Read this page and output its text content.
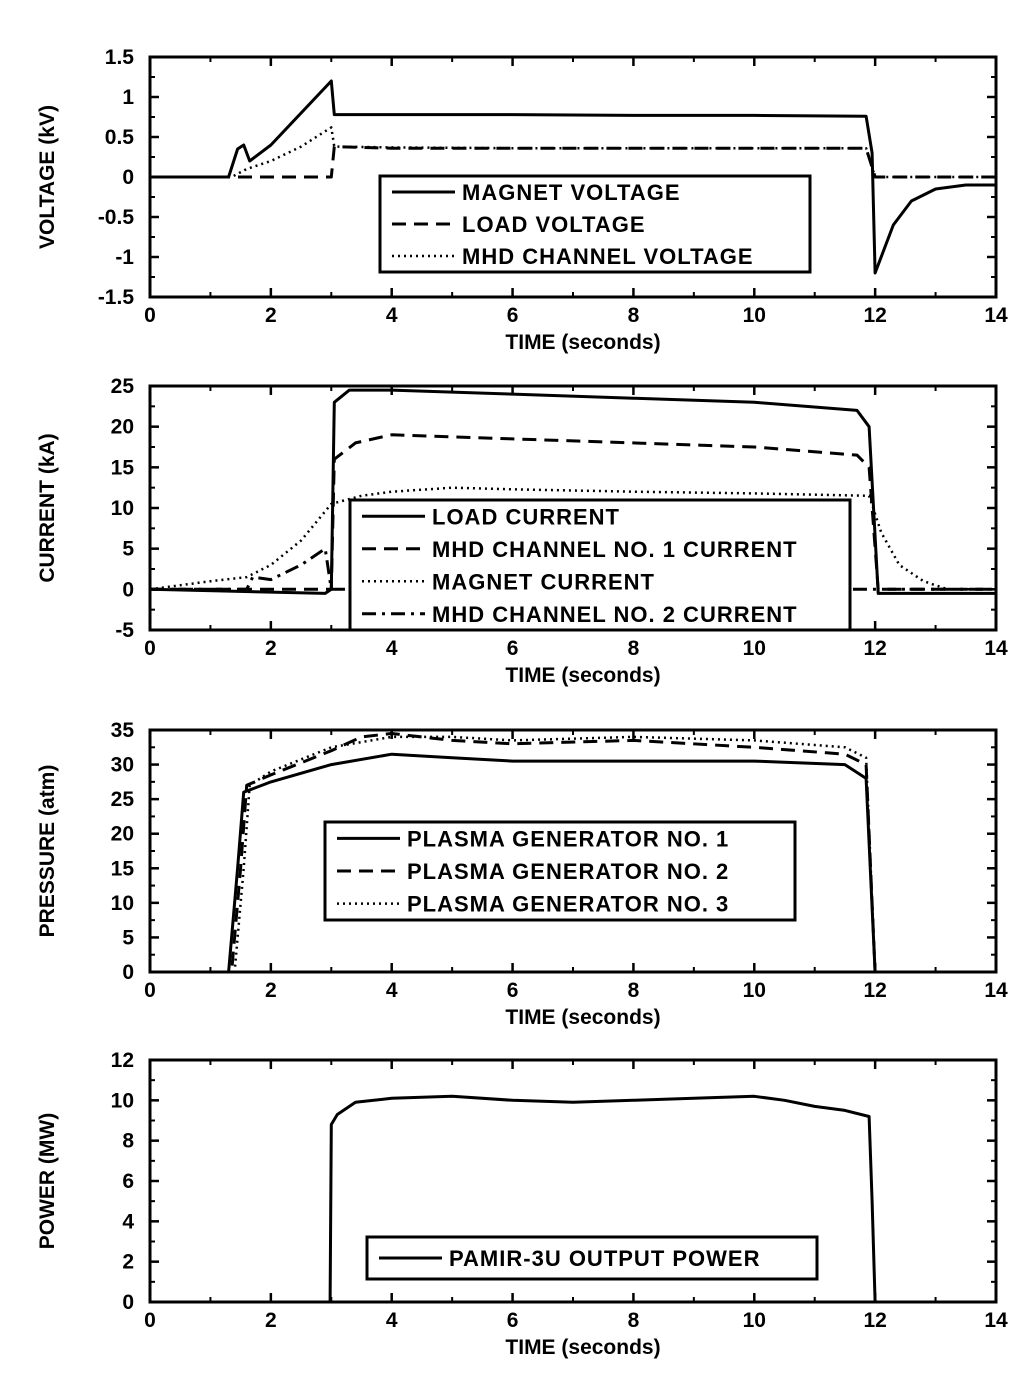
0	2	4	6	8	10	12	14
1.5
1
0.5
0
-0.5
-1
-1.5
TIME (seconds)
VOLTAGE (kV)	MAGNET VOLTAGE
LOAD VOLTAGE
MHD CHANNEL VOLTAGE
0	2	4	6	8	10	12	14
25
20
15
10
5
0
-5
TIME (seconds)
CURRENT (kA)	LOAD CURRENT
MHD CHANNEL NO. 1 CURRENT
MAGNET CURRENT
MHD CHANNEL NO. 2 CURRENT
0	2	4	6	8	10	12	14
35
30
25
20
15
10
5
0
TIME (seconds)
PRESSURE (atm)	PLASMA GENERATOR NO. 1
PLASMA GENERATOR NO. 2
PLASMA GENERATOR NO. 3
0	2	4	6	8	10	12	14
12
10
8
6
4
2
0
TIME (seconds)
POWER (MW)
PAMIR-3U OUTPUT POWER
